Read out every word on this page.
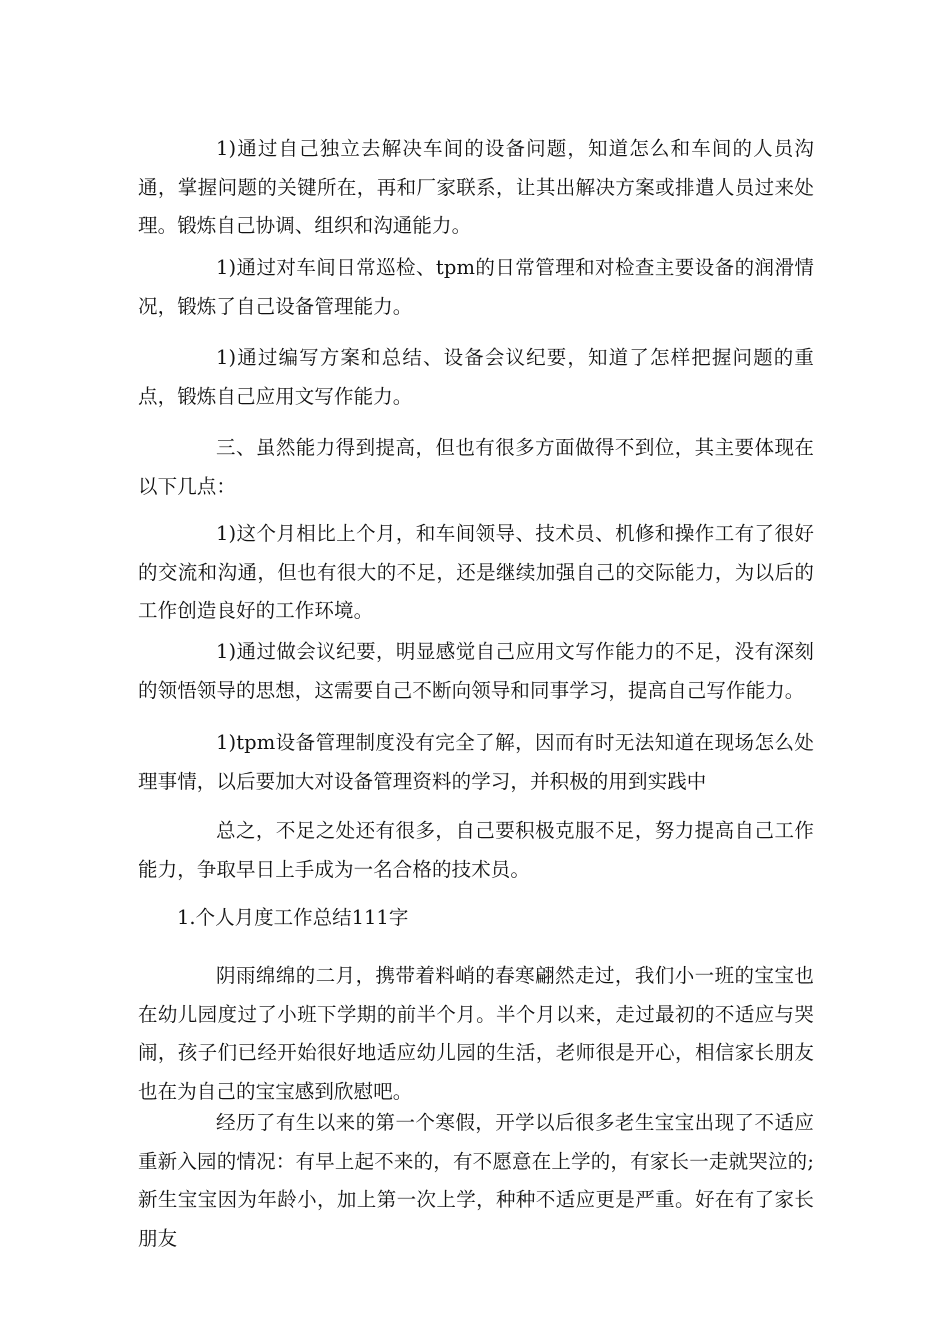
1)通过自己独立去解决车间的设备问题，知道怎么和车间的人员沟通，掌握问题的关键所在，再和厂家联系，让其出解决方案或排遣人员过来处理。锻炼自己协调、组织和沟通能力。

1)通过对车间日常巡检、tpm的日常管理和对检查主要设备的润滑情况，锻炼了自己设备管理能力。

1)通过编写方案和总结、设备会议纪要，知道了怎样把握问题的重点，锻炼自己应用文写作能力。

三、虽然能力得到提高，但也有很多方面做得不到位，其主要体现在以下几点：

1)这个月相比上个月，和车间领导、技术员、机修和操作工有了很好的交流和沟通，但也有很大的不足，还是继续加强自己的交际能力，为以后的工作创造良好的工作环境。

1)通过做会议纪要，明显感觉自己应用文写作能力的不足，没有深刻的领悟领导的思想，这需要自己不断向领导和同事学习，提高自己写作能力。

1)tpm设备管理制度没有完全了解，因而有时无法知道在现场怎么处理事情，以后要加大对设备管理资料的学习，并积极的用到实践中

总之，不足之处还有很多，自己要积极克服不足，努力提高自己工作能力，争取早日上手成为一名合格的技术员。

1.个人月度工作总结111字

阴雨绵绵的二月，携带着料峭的春寒翩然走过，我们小一班的宝宝也在幼儿园度过了小班下学期的前半个月。半个月以来，走过最初的不适应与哭闹，孩子们已经开始很好地适应幼儿园的生活，老师很是开心，相信家长朋友也在为自己的宝宝感到欣慰吧。

经历了有生以来的第一个寒假，开学以后很多老生宝宝出现了不适应重新入园的情况：有早上起不来的，有不愿意在上学的，有家长一走就哭泣的;新生宝宝因为年龄小，加上第一次上学，种种不适应更是严重。好在有了家长朋友
